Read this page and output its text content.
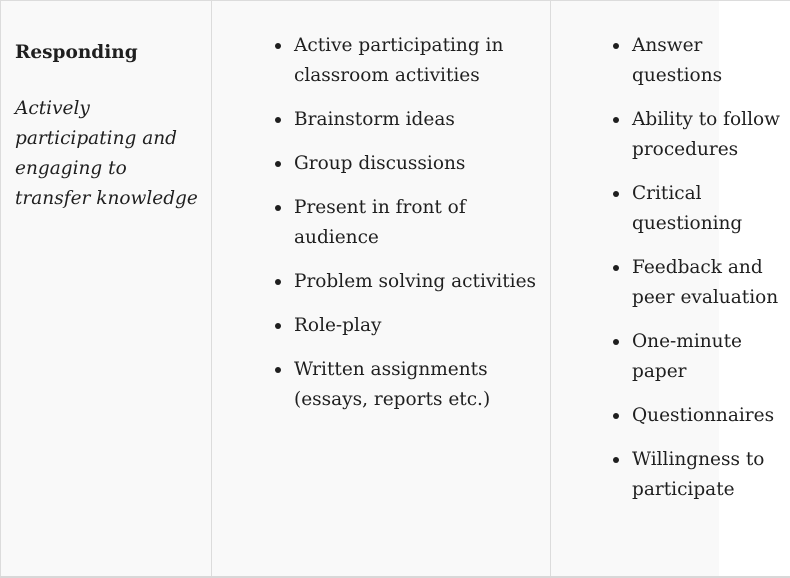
Responding

Actively participating and engaging to transfer knowledge

Active participating in classroom activities
Brainstorm ideas
Group discussions
Present in front of audience
Problem solving activities
Role-play
Written assignments (essays, reports etc.)
Answer questions
Ability to follow procedures
Critical questioning
Feedback and peer evaluation
One-minute paper
Questionnaires
Willingness to participate
